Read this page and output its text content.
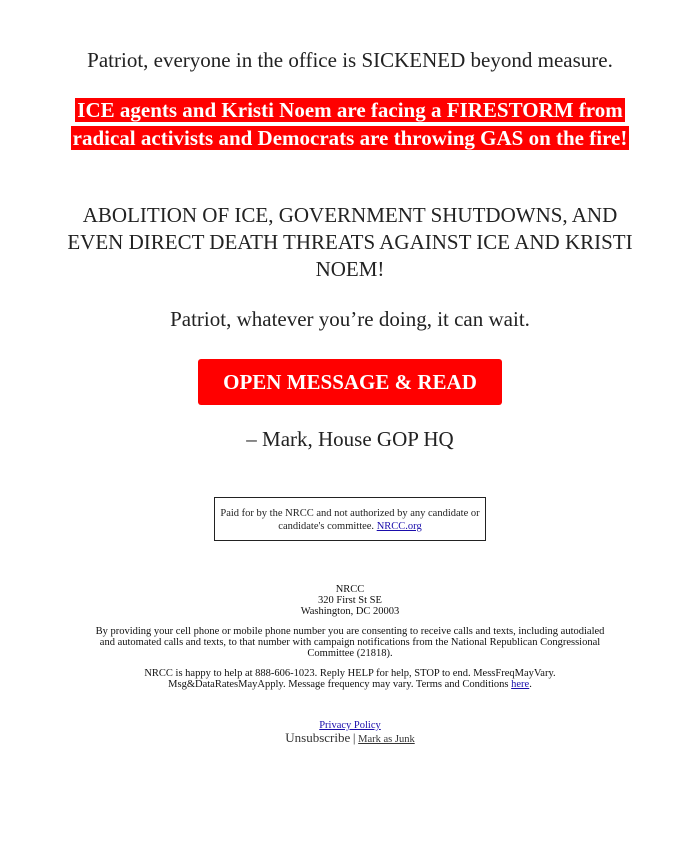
Patriot, everyone in the office is SICKENED beyond measure.
ICE agents and Kristi Noem are facing a FIRESTORM from radical activists and Democrats are throwing GAS on the fire!
ABOLITION OF ICE, GOVERNMENT SHUTDOWNS, AND EVEN DIRECT DEATH THREATS AGAINST ICE AND KRISTI NOEM!
Patriot, whatever you’re doing, it can wait.
OPEN MESSAGE & READ
– Mark, House GOP HQ
Paid for by the NRCC and not authorized by any candidate or candidate's committee. NRCC.org

NRCC
320 First St SE
Washington, DC 20003

By providing your cell phone or mobile phone number you are consenting to receive calls and texts, including autodialed and automated calls and texts, to that number with campaign notifications from the National Republican Congressional Committee (21818).

NRCC is happy to help at 888-606-1023. Reply HELP for help, STOP to end. MessFreqMayVary. Msg&DataRatesMayApply. Message frequency may vary. Terms and Conditions here.

Privacy Policy
Unsubscribe | Mark as Junk
